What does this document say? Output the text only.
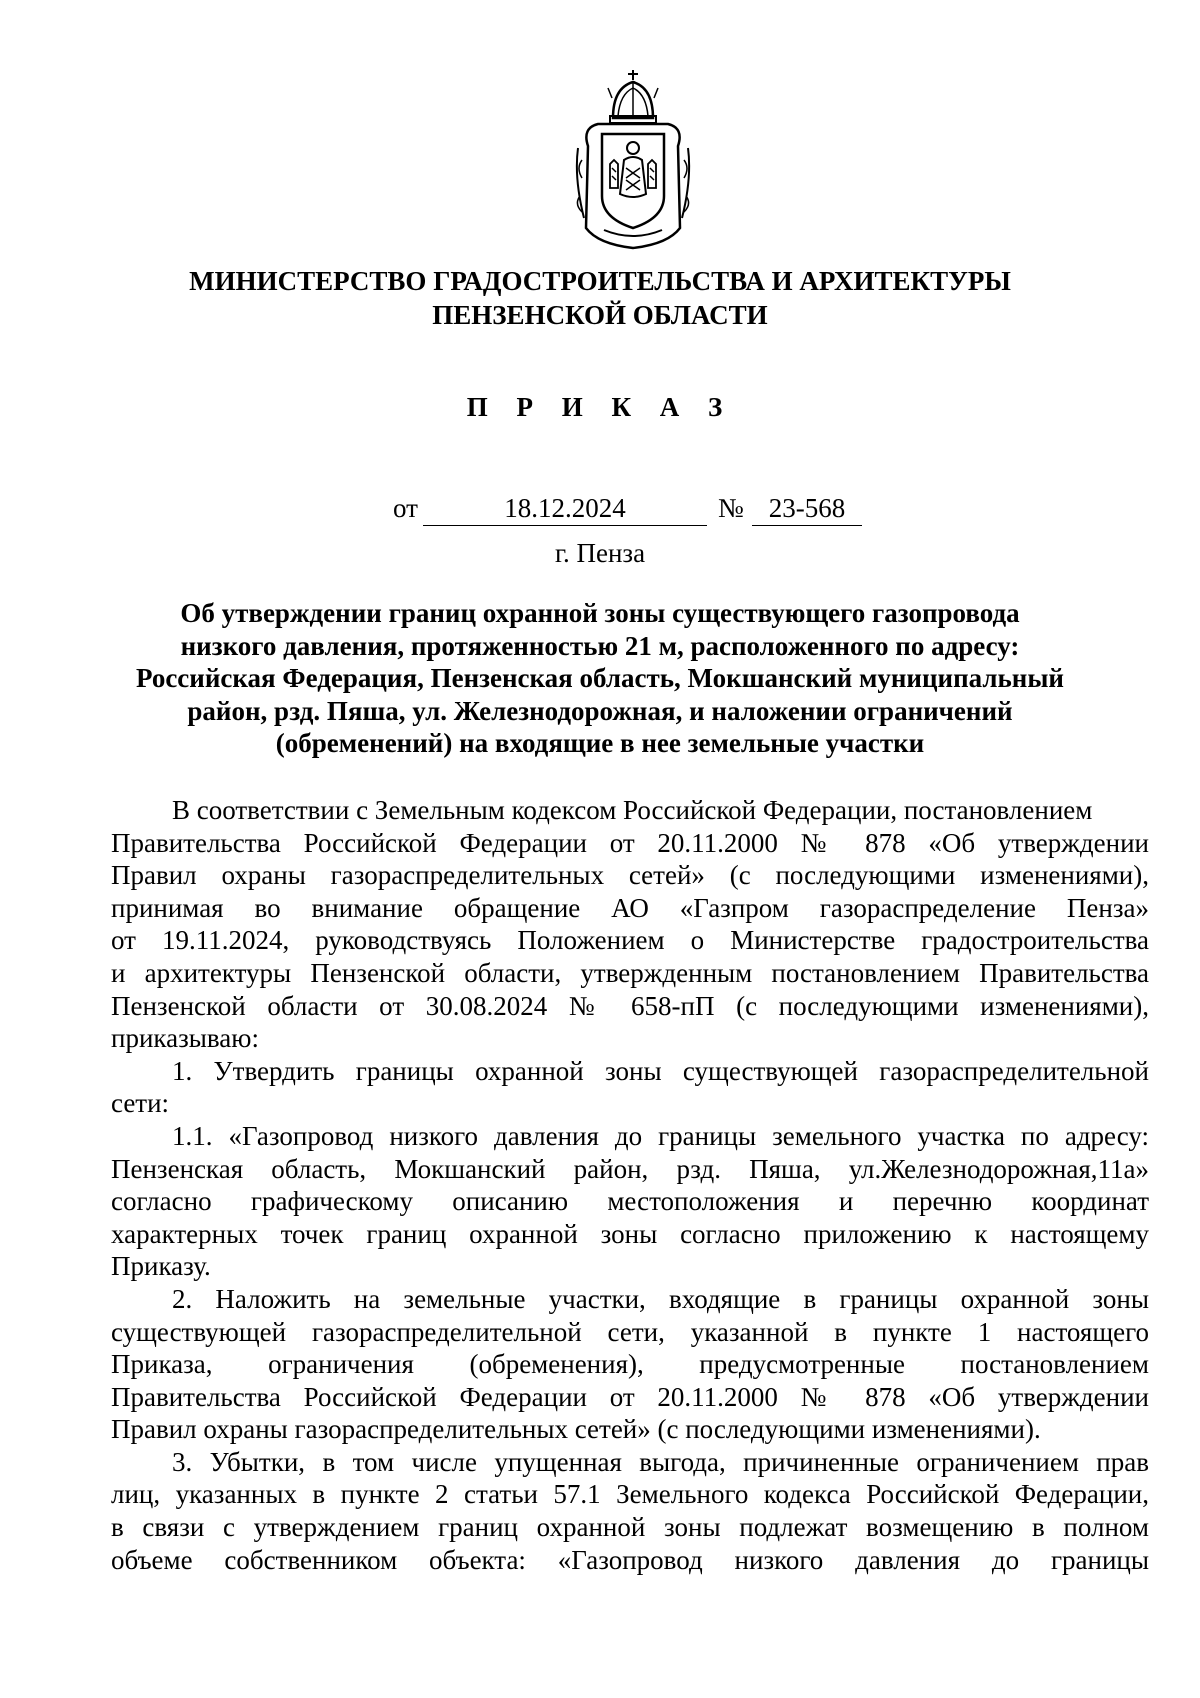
МИНИСТЕРСТВО ГРАДОСТРОИТЕЛЬСТВА И АРХИТЕКТУРЫ
ПЕНЗЕНСКОЙ ОБЛАСТИ
П Р И К А З
от	18.12.2024	№ 23-568
г. Пенза
Об утверждении границ охранной зоны существующего газопровода
низкого давления, протяженностью 21 м, расположенного по адресу:
Российская Федерация, Пензенская область, Мокшанский муниципальный
район, рзд. Пяша, ул. Железнодорожная, и наложении ограничений
(обременений) на входящие в нее земельные участки
В соответствии с Земельным кодексом Российской Федерации, постановлением
Правительства Российской Федерации от 20.11.2000 № 878 «Об утверждении
Правил охраны газораспределительных сетей» (с последующими изменениями),
принимая во внимание обращение АО «Газпром газораспределение Пенза»
от 19.11.2024, руководствуясь Положением о Министерстве градостроительства
и архитектуры Пензенской области, утвержденным постановлением Правительства
Пензенской области от 30.08.2024 № 658-пП (с последующими изменениями),
приказываю:
1. Утвердить границы охранной зоны существующей газораспределительной
сети:
1.1. «Газопровод низкого давления до границы земельного участка по адресу:
Пензенская область, Мокшанский район, рзд. Пяша, ул.Железнодорожная,11а»
согласно графическому описанию местоположения и перечню координат
характерных точек границ охранной зоны согласно приложению к настоящему
Приказу.
2. Наложить на земельные участки, входящие в границы охранной зоны
существующей газораспределительной сети, указанной в пункте 1 настоящего
Приказа, ограничения (обременения), предусмотренные постановлением
Правительства Российской Федерации от 20.11.2000 № 878 «Об утверждении
Правил охраны газораспределительных сетей» (с последующими изменениями).
3. Убытки, в том числе упущенная выгода, причиненные ограничением прав
лиц, указанных в пункте 2 статьи 57.1 Земельного кодекса Российской Федерации,
в связи с утверждением границ охранной зоны подлежат возмещению в полном
объеме собственником объекта: «Газопровод низкого давления до границы
